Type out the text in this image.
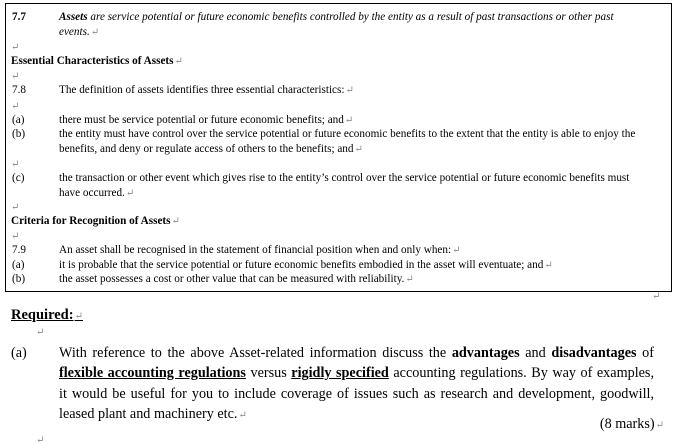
7.7	Assets are service potential or future economic benefits controlled by the entity as a result of past transactions or other past events.↵
↵
Essential Characteristics of Assets↵
↵
7.8	The definition of assets identifies three essential characteristics:↵
↵
(a)	there must be service potential or future economic benefits; and↵
(b)	the entity must have control over the service potential or future economic benefits to the extent that the entity is able to enjoy the benefits, and deny or regulate access of others to the benefits; and↵
↵
(c)	the transaction or other event which gives rise to the entity’s control over the service potential or future economic benefits must have occurred.↵
↵
Criteria for Recognition of Assets↵
↵
7.9	An asset shall be recognised in the statement of financial position when and only when:↵
(a)	it is probable that the service potential or future economic benefits embodied in the asset will eventuate; and↵
(b)	the asset possesses a cost or other value that can be measured with reliability.↵
↵
Required:↵
↵
(a) With reference to the above Asset-related information discuss the advantages and disadvantages of flexible accounting regulations versus rigidly specified accounting regulations. By way of examples, it would be useful for you to include coverage of issues such as research and development, goodwill, leased plant and machinery etc.↵
(8 marks)↵
↵
